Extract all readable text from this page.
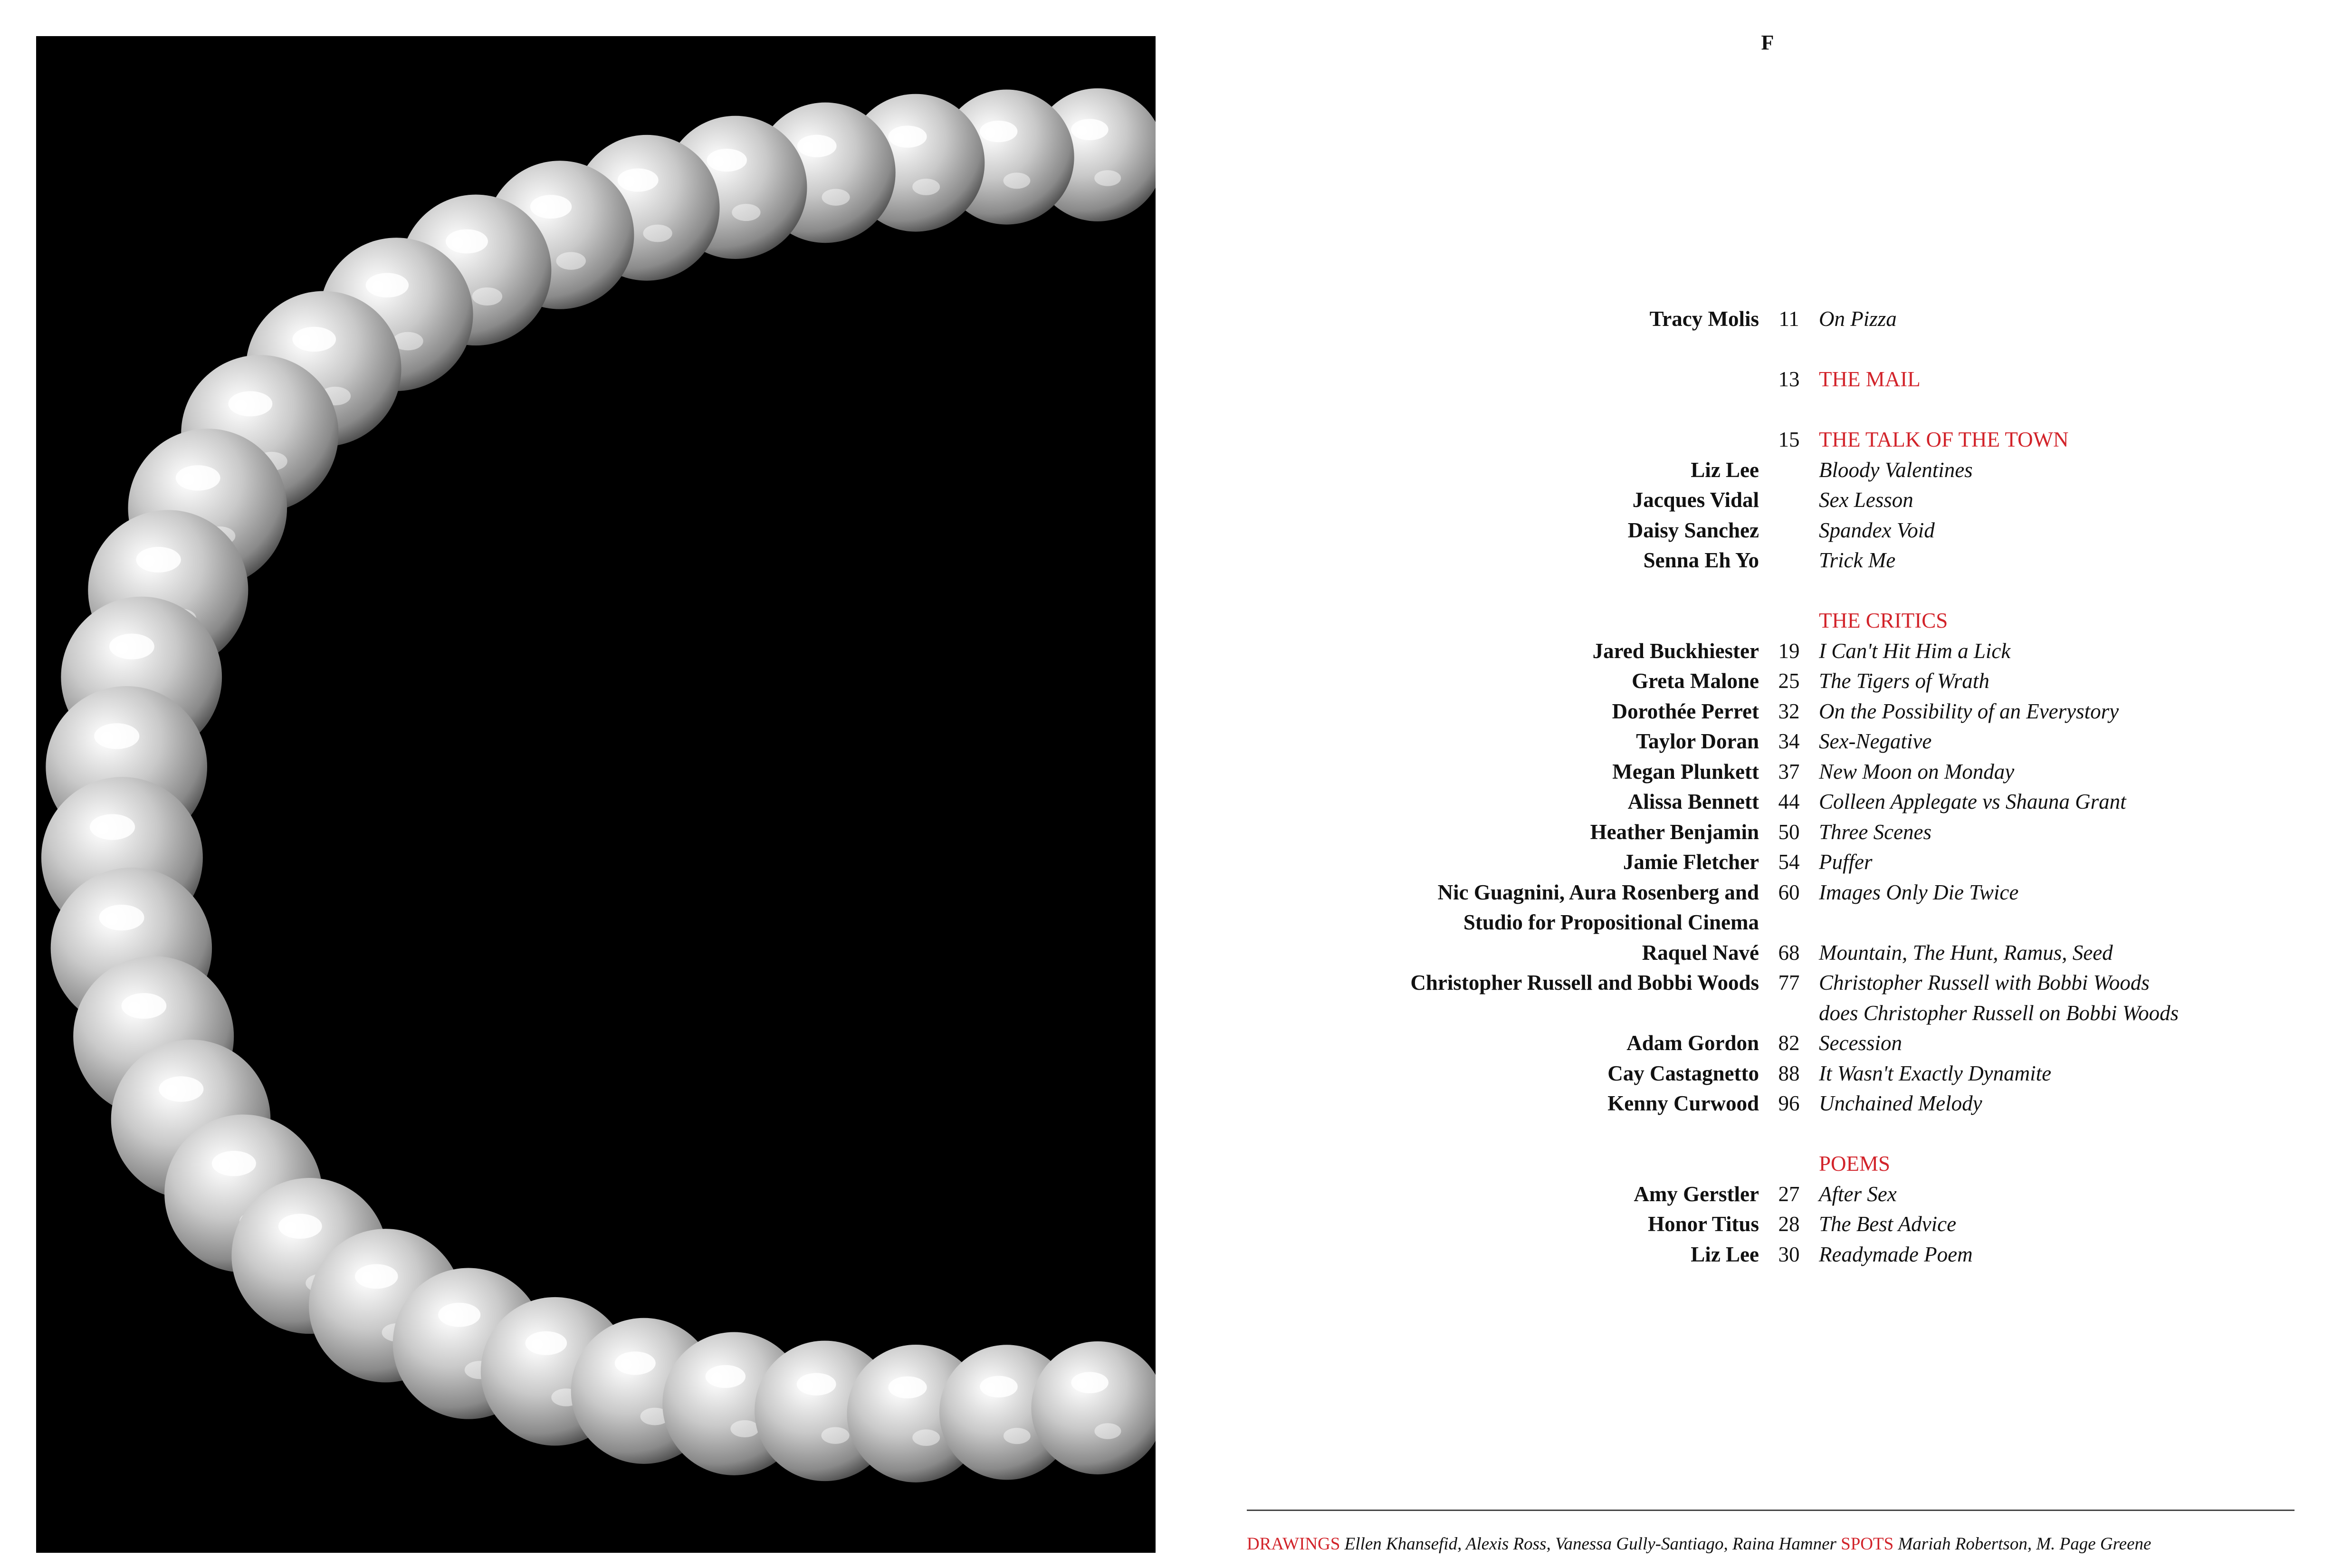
F
Tracy Molis 11 On Pizza
13 THE MAIL
15 THE TALK OF THE TOWN
Liz Lee	Bloody Valentines
Jacques Vidal	Sex Lesson
Daisy Sanchez	Spandex Void
Senna Eh Yo	Trick Me
THE CRITICS
Jared Buckhiester 19 I Can't Hit Him a Lick
Greta Malone 25 The Tigers of Wrath
Dorothée Perret 32 On the Possibility of an Everystory
Taylor Doran 34 Sex-Negative
Megan Plunkett 37 New Moon on Monday
Alissa Bennett 44 Colleen Applegate vs Shauna Grant
Heather Benjamin 50 Three Scenes
Jamie Fletcher 54 Puffer
Nic Guagnini, Aura Rosenberg and 60 Images Only Die Twice
Studio for Propositional Cinema
Raquel Navé 68 Mountain, The Hunt, Ramus, Seed
Christopher Russell and Bobbi Woods 77 Christopher Russell with Bobbi Woods
does Christopher Russell on Bobbi Woods
Adam Gordon 82 Secession
Cay Castagnetto 88 It Wasn't Exactly Dynamite
Kenny Curwood 96 Unchained Melody
POEMS
Amy Gerstler 27 After Sex
Honor Titus 28 The Best Advice
Liz Lee 30 Readymade Poem
DRAWINGS Ellen Khansefid, Alexis Ross, Vanessa Gully-Santiago, Raina Hamner SPOTS Mariah Robertson, M. Page Greene
